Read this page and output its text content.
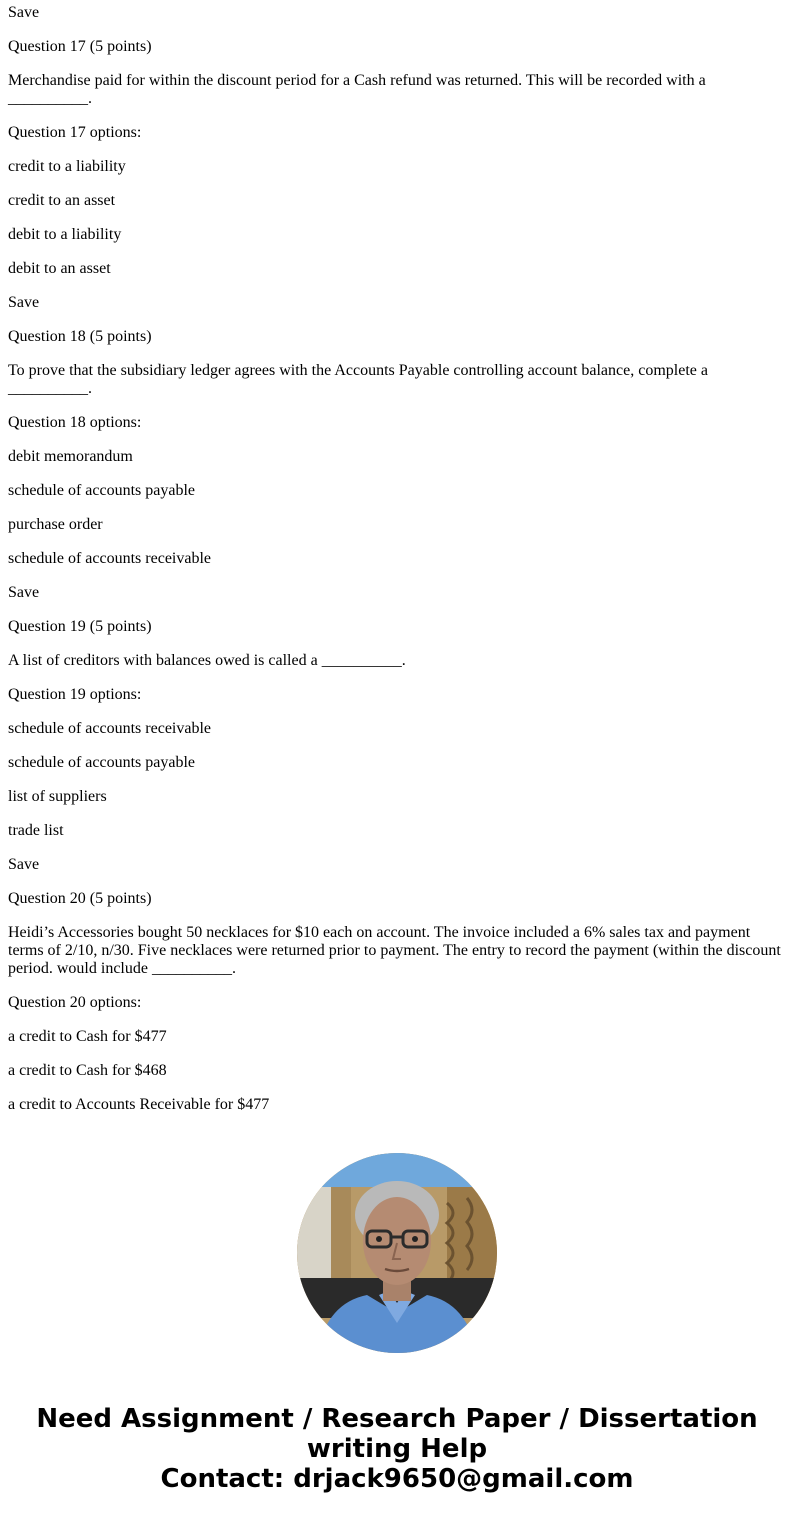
Save

Question 17 (5 points)

Merchandise paid for within the discount period for a Cash refund was returned. This will be recorded with a __________.

Question 17 options:

credit to a liability

credit to an asset

debit to a liability

debit to an asset

Save

Question 18 (5 points)

To prove that the subsidiary ledger agrees with the Accounts Payable controlling account balance, complete a __________.

Question 18 options:

debit memorandum

schedule of accounts payable

purchase order

schedule of accounts receivable

Save

Question 19 (5 points)

A list of creditors with balances owed is called a __________.

Question 19 options:

schedule of accounts receivable

schedule of accounts payable

list of suppliers

trade list

Save

Question 20 (5 points)

Heidi’s Accessories bought 50 necklaces for $10 each on account. The invoice included a 6% sales tax and payment terms of 2/10, n/30. Five necklaces were returned prior to payment. The entry to record the payment (within the discount period. would include __________.

Question 20 options:

a credit to Cash for $477

a credit to Cash for $468

a credit to Accounts Receivable for $477

Need Assignment / Research Paper / Dissertation
writing Help
Contact: drjack9650@gmail.com
